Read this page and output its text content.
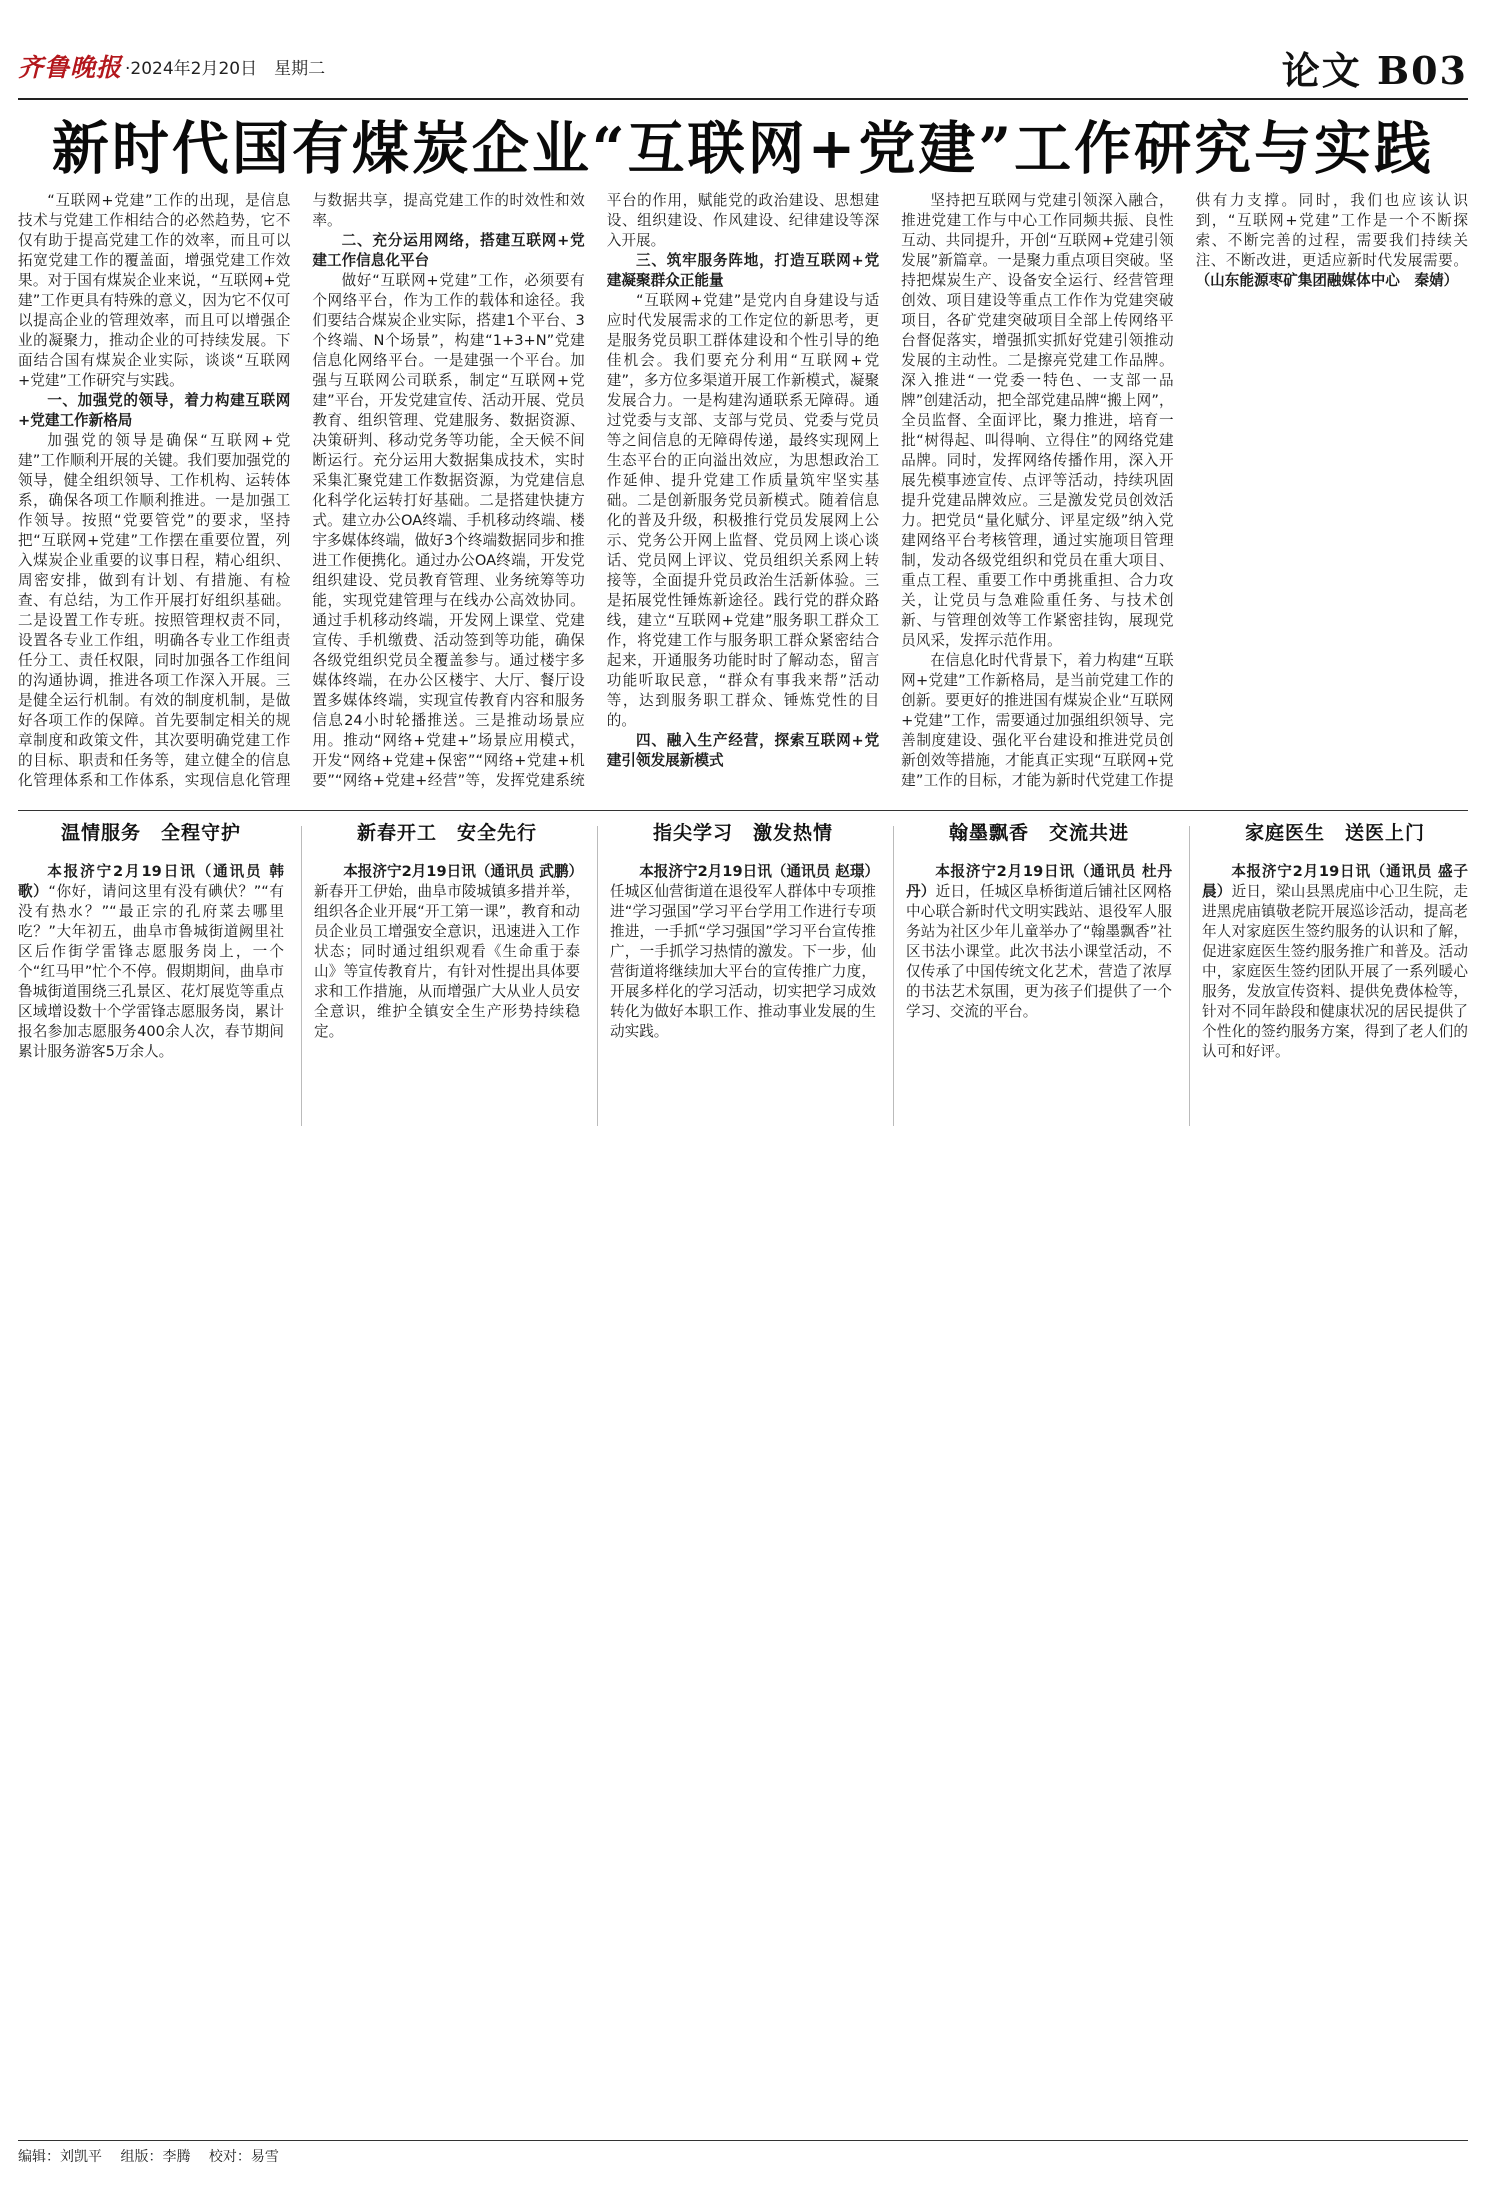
齐鲁晚报 ·2024年2月20日　星期二	论文 B03
新时代国有煤炭企业“互联网+党建”工作研究与实践

“互联网+党建”工作的出现，是信息技术与党建工作相结合的必然趋势，它不仅有助于提高党建工作的效率，而且可以拓宽党建工作的覆盖面，增强党建工作效果。对于国有煤炭企业来说，“互联网+党建”工作更具有特殊的意义，因为它不仅可以提高企业的管理效率，而且可以增强企业的凝聚力，推动企业的可持续发展。下面结合国有煤炭企业实际，谈谈“互联网+党建”工作研究与实践。

一、加强党的领导，着力构建互联网+党建工作新格局

加强党的领导是确保“互联网+党建”工作顺利开展的关键。我们要加强党的领导，健全组织领导、工作机构、运转体系，确保各项工作顺利推进。一是加强工作领导。按照“党要管党”的要求，坚持把“互联网+党建”工作摆在重要位置，列入煤炭企业重要的议事日程，精心组织、周密安排，做到有计划、有措施、有检查、有总结，为工作开展打好组织基础。二是设置工作专班。按照管理权责不同，设置各专业工作组，明确各专业工作组责任分工、责任权限，同时加强各工作组间的沟通协调，推进各项工作深入开展。三是健全运行机制。有效的制度机制，是做好各项工作的保障。首先要制定相关的规章制度和政策文件，其次要明确党建工作的目标、职责和任务等，建立健全的信息化管理体系和工作体系，实现信息化管理与数据共享，提高党建工作的时效性和效率。

二、充分运用网络，搭建互联网+党建工作信息化平台

做好“互联网+党建”工作，必须要有个网络平台，作为工作的载体和途径。我们要结合煤炭企业实际，搭建1个平台、3个终端、N个场景”，构建“1+3+N”党建信息化网络平台。一是建强一个平台。加强与互联网公司联系，制定“互联网+党建”平台，开发党建宣传、活动开展、党员教育、组织管理、党建服务、数据资源、决策研判、移动党务等功能，全天候不间断运行。充分运用大数据集成技术，实时采集汇聚党建工作数据资源，为党建信息化科学化运转打好基础。二是搭建快捷方式。建立办公OA终端、手机移动终端、楼宇多媒体终端，做好3个终端数据同步和推进工作便携化。通过办公OA终端，开发党组织建设、党员教育管理、业务统筹等功能，实现党建管理与在线办公高效协同。通过手机移动终端，开发网上课堂、党建宣传、手机缴费、活动签到等功能，确保各级党组织党员全覆盖参与。通过楼宇多媒体终端，在办公区楼宇、大厅、餐厅设置多媒体终端，实现宣传教育内容和服务信息24小时轮播推送。三是推动场景应用。推动“网络+党建+”场景应用模式，开发“网络+党建+保密”“网络+党建+机要”“网络+党建+经营”等，发挥党建系统平台的作用，赋能党的政治建设、思想建设、组织建设、作风建设、纪律建设等深入开展。

三、筑牢服务阵地，打造互联网+党建凝聚群众正能量

“互联网+党建”是党内自身建设与适应时代发展需求的工作定位的新思考，更是服务党员职工群体建设和个性引导的绝佳机会。我们要充分利用“互联网+党建”，多方位多渠道开展工作新模式，凝聚发展合力。一是构建沟通联系无障碍。通过党委与支部、支部与党员、党委与党员等之间信息的无障碍传递，最终实现网上生态平台的正向溢出效应，为思想政治工作延伸、提升党建工作质量筑牢坚实基础。二是创新服务党员新模式。随着信息化的普及升级，积极推行党员发展网上公示、党务公开网上监督、党员网上谈心谈话、党员网上评议、党员组织关系网上转接等，全面提升党员政治生活新体验。三是拓展党性锤炼新途径。践行党的群众路线，建立“互联网+党建”服务职工群众工作，将党建工作与服务职工群众紧密结合起来，开通服务功能时时了解动态，留言功能听取民意，“群众有事我来帮”活动等，达到服务职工群众、锤炼党性的目的。

四、融入生产经营，探索互联网+党建引领发展新模式

坚持把互联网与党建引领深入融合，推进党建工作与中心工作同频共振、良性互动、共同提升，开创“互联网+党建引领发展”新篇章。一是聚力重点项目突破。坚持把煤炭生产、设备安全运行、经营管理创效、项目建设等重点工作作为党建突破项目，各矿党建突破项目全部上传网络平台督促落实，增强抓实抓好党建引领推动发展的主动性。二是擦亮党建工作品牌。深入推进“一党委一特色、一支部一品牌”创建活动，把全部党建品牌“搬上网”，全员监督、全面评比，聚力推进，培育一批“树得起、叫得响、立得住”的网络党建品牌。同时，发挥网络传播作用，深入开展先模事迹宣传、点评等活动，持续巩固提升党建品牌效应。三是激发党员创效活力。把党员“量化赋分、评星定级”纳入党建网络平台考核管理，通过实施项目管理制，发动各级党组织和党员在重大项目、重点工程、重要工作中勇挑重担、合力攻关，让党员与急难险重任务、与技术创新、与管理创效等工作紧密挂钩，展现党员风采，发挥示范作用。

在信息化时代背景下，着力构建“互联网+党建”工作新格局，是当前党建工作的创新。要更好的推进国有煤炭企业“互联网+党建”工作，需要通过加强组织领导、完善制度建设、强化平台建设和推进党员创新创效等措施，才能真正实现“互联网+党建”工作的目标，才能为新时代党建工作提供有力支撑。同时，我们也应该认识到，“互联网+党建”工作是一个不断探索、不断完善的过程，需要我们持续关注、不断改进，更适应新时代发展需要。（山东能源枣矿集团融媒体中心　秦婧）

温情服务　全程守护

本报济宁2月19日讯（通讯员 韩歌）“你好，请问这里有没有碘伏？”“有没有热水？”“最正宗的孔府菜去哪里吃？”大年初五，曲阜市鲁城街道阙里社区后作街学雷锋志愿服务岗上，一个个“红马甲”忙个不停。假期期间，曲阜市鲁城街道围绕三孔景区、花灯展览等重点区域增设数十个学雷锋志愿服务岗，累计报名参加志愿服务400余人次，春节期间累计服务游客5万余人。

新春开工　安全先行

本报济宁2月19日讯（通讯员 武鹏）新春开工伊始，曲阜市陵城镇多措并举，组织各企业开展“开工第一课”，教育和动员企业员工增强安全意识，迅速进入工作状态；同时通过组织观看《生命重于泰山》等宣传教育片，有针对性提出具体要求和工作措施，从而增强广大从业人员安全意识，维护全镇安全生产形势持续稳定。

指尖学习　激发热情

本报济宁2月19日讯（通讯员 赵璟）任城区仙营街道在退役军人群体中专项推进“学习强国”学习平台学用工作进行专项推进，一手抓“学习强国”学习平台宣传推广，一手抓学习热情的激发。下一步，仙营街道将继续加大平台的宣传推广力度，开展多样化的学习活动，切实把学习成效转化为做好本职工作、推动事业发展的生动实践。

翰墨飘香　交流共进

本报济宁2月19日讯（通讯员 杜丹丹）近日，任城区阜桥街道后铺社区网格中心联合新时代文明实践站、退役军人服务站为社区少年儿童举办了“翰墨飘香”社区书法小课堂。此次书法小课堂活动，不仅传承了中国传统文化艺术，营造了浓厚的书法艺术氛围，更为孩子们提供了一个学习、交流的平台。

家庭医生　送医上门

本报济宁2月19日讯（通讯员 盛子晨）近日，梁山县黑虎庙中心卫生院，走进黑虎庙镇敬老院开展巡诊活动，提高老年人对家庭医生签约服务的认识和了解，促进家庭医生签约服务推广和普及。活动中，家庭医生签约团队开展了一系列暖心服务，发放宣传资料、提供免费体检等，针对不同年龄段和健康状况的居民提供了个性化的签约服务方案，得到了老人们的认可和好评。

编辑：刘凯平 组版：李腾 校对：易雪
